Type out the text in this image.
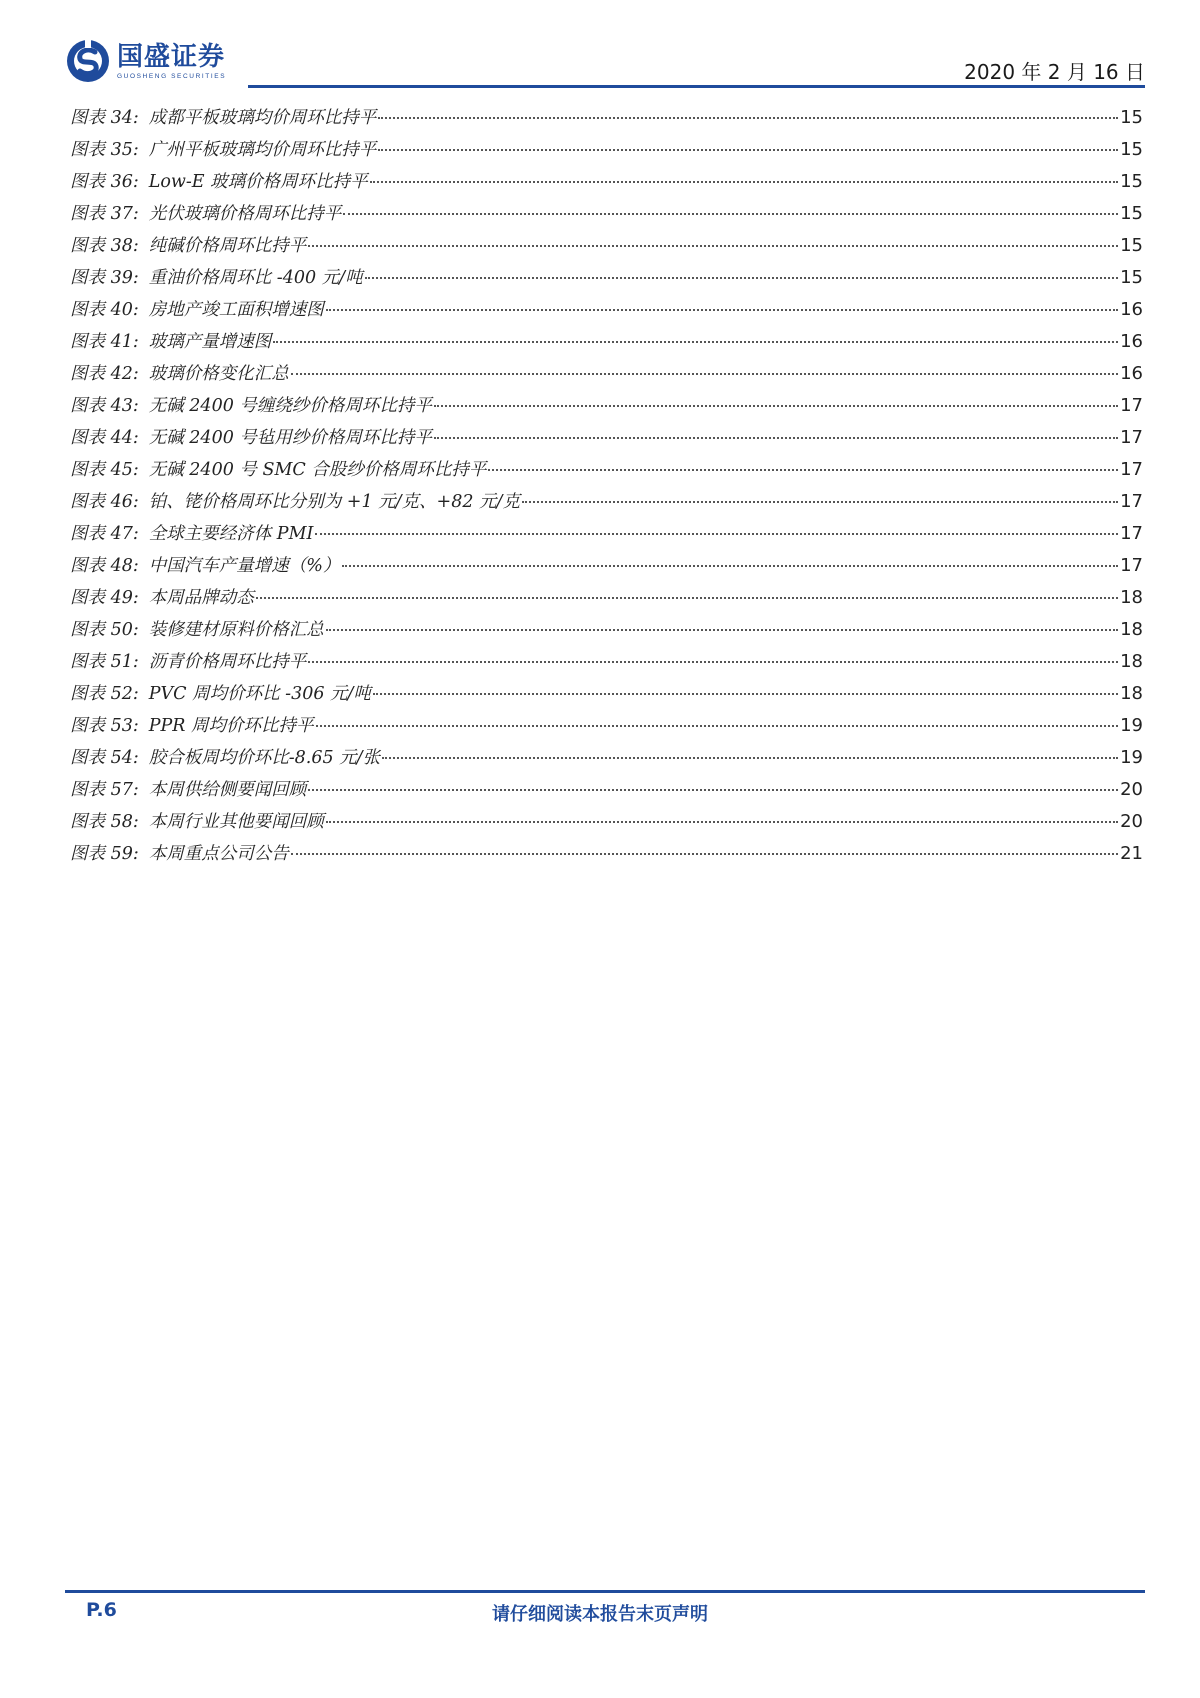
国盛证券
GUOSHENG SECURITIES	2020 年 2 月 16 日
图表 34: 成都平板玻璃均价周环比持平	15
图表 35: 广州平板玻璃均价周环比持平	15
图表 36: Low-E 玻璃价格周环比持平	15
图表 37: 光伏玻璃价格周环比持平	15
图表 38: 纯碱价格周环比持平	15
图表 39: 重油价格周环比 -400 元/吨	15
图表 40: 房地产竣工面积增速图	16
图表 41: 玻璃产量增速图	16
图表 42: 玻璃价格变化汇总	16
图表 43: 无碱 2400 号缠绕纱价格周环比持平	17
图表 44: 无碱 2400 号毡用纱价格周环比持平	17
图表 45: 无碱 2400 号 SMC 合股纱价格周环比持平	17
图表 46: 铂、铑价格周环比分别为 +1 元/克、+82 元/克	17
图表 47: 全球主要经济体 PMI	17
图表 48: 中国汽车产量增速（%）	17
图表 49: 本周品牌动态	18
图表 50: 装修建材原料价格汇总	18
图表 51: 沥青价格周环比持平	18
图表 52: PVC 周均价环比 -306 元/吨	18
图表 53: PPR 周均价环比持平	19
图表 54: 胶合板周均价环比-8.65 元/张	19
图表 57: 本周供给侧要闻回顾	20
图表 58: 本周行业其他要闻回顾	20
图表 59: 本周重点公司公告	21
P.6	请仔细阅读本报告末页声明
